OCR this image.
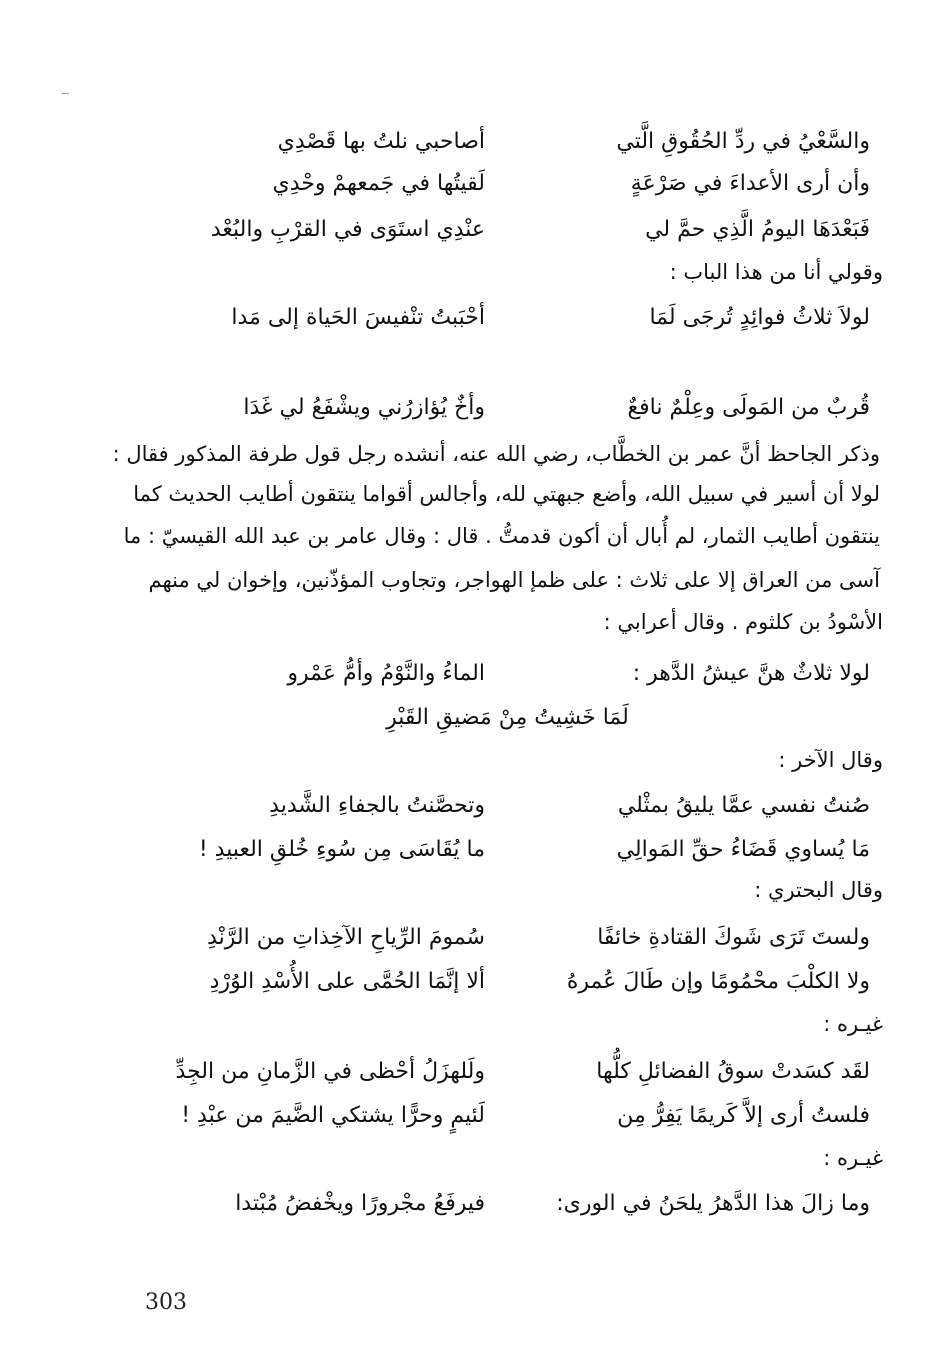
والسَّعْيُ في ردِّ الحُقُوقِ الَّتي
أصاحبي نلتُ بها قَصْدِي
وأن أرى الأعداءَ في صَرْعَةٍ
لَقيتُها في جَمعهمْ وحْدِي
فَبَعْدَهَا اليومُ الَّذِي حمَّ لي
عنْدِي استَوَى في القرْبِ والبُعْد
وقولي أنا من هذا الباب :
لولاَ ثلاثُ فوائِدٍ تُرجَى لَمَا
أحْبَبتُ تنْفيسَ الحَياة إلى مَدا
قُربٌ من المَولَى وعِلْمٌ نافعٌ
وأخٌ يُؤازرُني ويشْفَعُ لي غَدَا
وذكر الجاحظ أنَّ عمر بن الخطَّاب، رضي الله عنه، أنشده رجل قول طرفة المذكور فقال :
لولا أن أسير في سبيل الله، وأضع جبهتي لله، وأجالس أقواما ينتقون أطايب الحديث كما
ينتقون أطايب الثمار، لم أُبال أن أكون قدمتُّ . قال : وقال عامر بن عبد الله القيسيّ : ما
آسى من العراق إلا على ثلاث : على ظمإ الهواجر، وتجاوب المؤذّنين، وإخوان لي منهم
الأسْودُ بن كلثوم . وقال أعرابي :
لولا ثلاثٌ هنَّ عيشُ الدَّهر :
الماءُ والنَّوْمُ وأمُّ عَمْرو
لَمَا خَشِيتُ مِنْ مَضيقِ القَبْرِ
وقال الآخر :
صُنتُ نفسي عمَّا يليقُ بمثْلي
وتحصَّنتُ بالجفاءِ الشَّديدِ
مَا يُساوي قَضَاءُ حقِّ المَوالِي
ما يُقَاسَى مِن سُوءِ خُلقِ العبيدِ !
وقال البحتري :
ولستَ تَرَى شَوكَ القتادةِ خائفًا
سُمومَ الرِّياحِ الآخِذاتِ من الرَّنْدِ
ولا الكلْبَ محْمُومًا وإن طَالَ عُمرهُ
ألا إنَّمَا الحُمَّى على الأُسْدِ الوُرْدِ
غيـره :
لقَد كسَدتْ سوقُ الفضائلِ كلُّها
ولَلهزَلُ أحْظى في الزَّمانِ من الجِدِّ
فلستُ أرى إلاَّ كَريمًا يَفِرُّ مِن
لَئيمٍ وحرًّا يشتكي الضَّيمَ من عبْدِ !
غيـره :
وما زالَ هذا الدَّهرُ يلحَنُ في الورى:
فيرفَعُ مجْرورًا ويخْفضُ مُبْتدا
303
